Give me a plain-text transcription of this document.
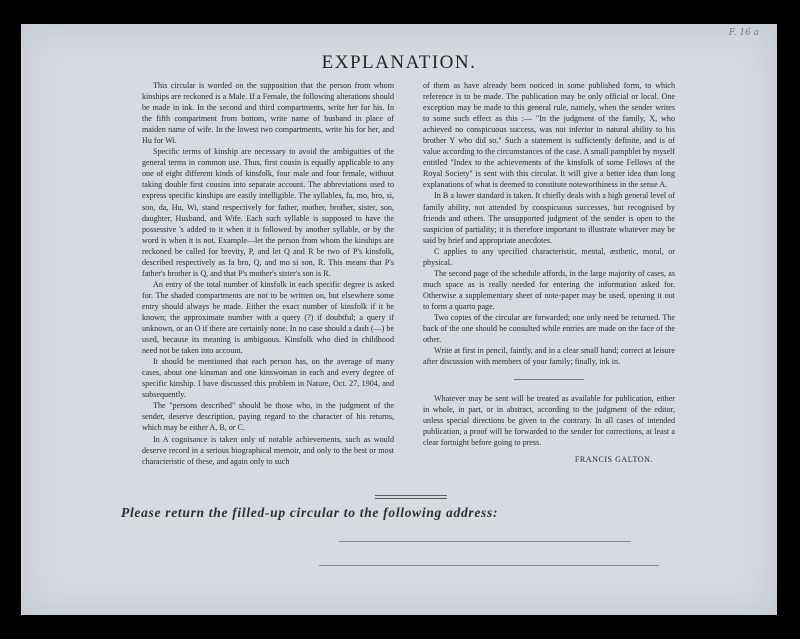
F. 16 a
EXPLANATION.

This circular is worded on the supposition that the person from whom kinships are reckoned is a Male. If a Female, the following alterations should be made in ink. In the second and third compartments, write her for his. In the fifth compartment from bottom, write name of husband in place of maiden name of wife. In the lowest two compartments, write his for her, and Hu for Wi.

Specific terms of kinship are necessary to avoid the ambiguities of the general terms in common use. Thus, first cousin is equally applicable to any one of eight different kinds of kinsfolk, four male and four female, without taking double first cousins into separate account. The abbreviations used to express specific kinships are easily intelligible. The syllables, fa, mo, bro, si, son, da, Hu, Wi, stand respectively for father, mother, brother, sister, son, daughter, Husband, and Wife. Each such syllable is supposed to have the possessive 's added to it when it is followed by another syllable, or by the word is when it is not. Example—let the person from whom the kinships are reckoned be called for brevity, P, and let Q and R be two of P's kinsfolk, described respectively as fa bro, Q, and mo si son, R. This means that P's father's brother is Q, and that P's mother's sister's son is R.

An entry of the total number of kinsfolk in each specific degree is asked for. The shaded compartments are not to be written on, but elsewhere some entry should always be made. Either the exact number of kinsfolk if it be known; the approximate number with a query (?) if doubtful; a query if unknown, or an O if there are certainly none. In no case should a dash (—) be used, because its meaning is ambiguous. Kinsfolk who died in childhood need not be taken into account.

It should be mentioned that each person has, on the average of many cases, about one kinsman and one kinswoman in each and every degree of specific kinship. I have discussed this problem in Nature, Oct. 27, 1904, and subsequently.

The "persons described" should be those who, in the judgment of the sender, deserve description, paying regard to the character of his returns, which may be either A, B, or C.

In A cognisance is taken only of notable achievements, such as would deserve record in a serious biographical memoir, and only to the best or most characteristic of these, and again only to such

of them as have already been noticed in some published form, to which reference is to be made. The publication may be only official or local. One exception may be made to this general rule, namely, when the sender writes to some such effect as this :— "In the judgment of the family, X, who achieved no conspicuous success, was not inferior in natural ability to his brother Y who did so." Such a statement is sufficiently definite, and is of value according to the circumstances of the case. A small pamphlet by myself entitled "Index to the achievements of the kinsfolk of some Fellows of the Royal Society" is sent with this circular. It will give a better idea than long explanations of what is deemed to constitute noteworthiness in the sense A.

In B a lower standard is taken. It chiefly deals with a high general level of family ability, not attended by conspicuous successes, but recognised by friends and others. The unsupported judgment of the sender is open to the suspicion of partiality; it is therefore important to illustrate whatever may be said by brief and appropriate anecdotes.

C applies to any specified characteristic, mental, æsthetic, moral, or physical.

The second page of the schedule affords, in the large majority of cases, as much space as is really needed for entering the information asked for. Otherwise a supplementary sheet of note-paper may be used, opening it out to form a quarto page.

Two copies of the circular are forwarded; one only need be returned. The back of the one should be consulted while entries are made on the face of the other.

Write at first in pencil, faintly, and in a clear small hand; correct at leisure after discussion with members of your family; finally, ink in.

Whatever may be sent will be treated as available for publication, either in whole, in part, or in abstract, according to the judgment of the editor, unless special directions be given to the contrary. In all cases of intended publication, a proof will be forwarded to the sender for corrections, at least a clear fortnight before going to press.

FRANCIS GALTON.

Please return the filled-up circular to the following address:
